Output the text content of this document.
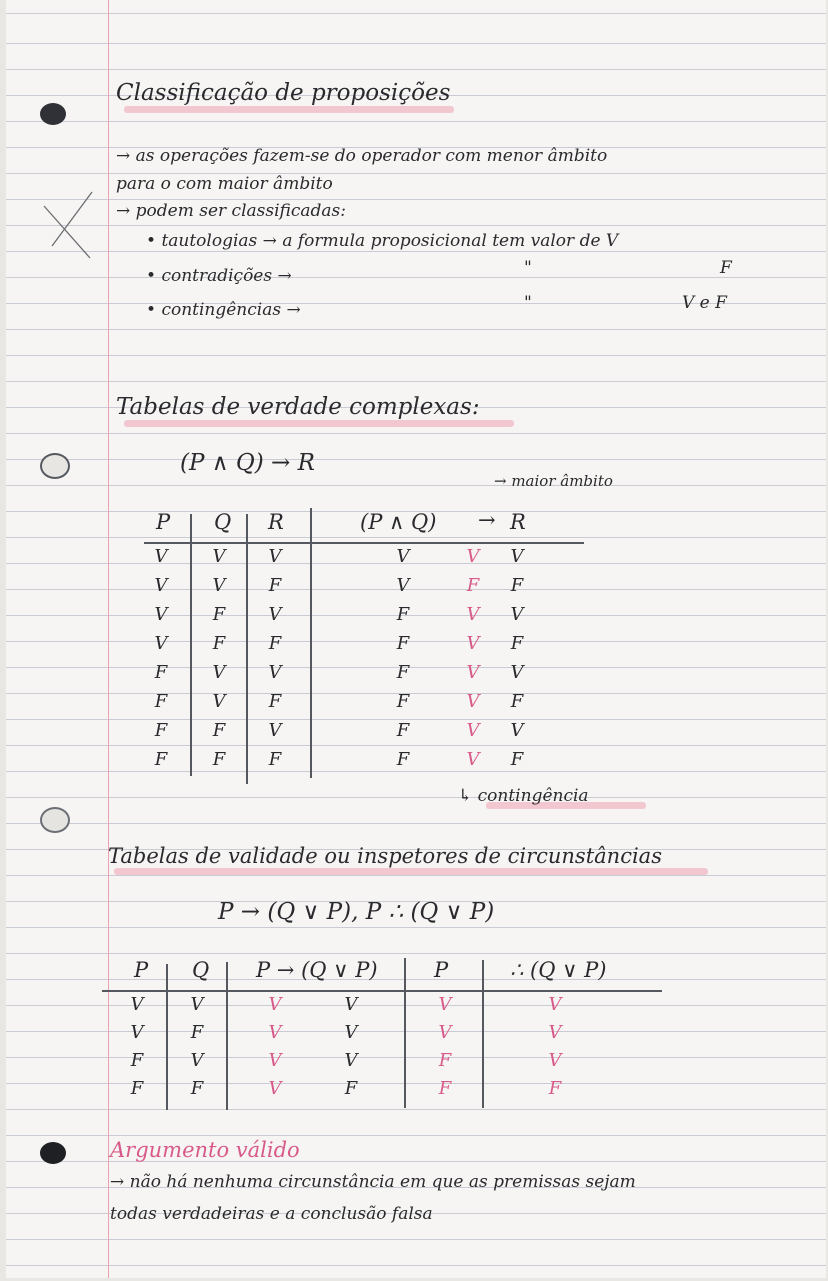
Classificação de proposições
→ as operações fazem-se do operador com menor âmbito
para o com maior âmbito
→ podem ser classificadas:
• tautologias → a formula proposicional tem valor de V
• contradições →	"	F
• contingências →	"	V e F
Tabelas de verdade complexas:
(P ∧ Q) → R
→ maior âmbito
P Q R	(P ∧ Q) → R
V	V	V	V	V	V
V	V	F	V	F	F
V	F	V	F	V	V
V	F	F	F	V	F
F	V	V	F	V	V
F	V	F	F	V	F
F	F	V	F	V	V
F	F	F	F	V	F
↳ contingência
Tabelas de validade ou inspetores de circunstâncias
P → (Q ∨ P), P ∴ (Q ∨ P)
P Q P → (Q ∨ P)	P	∴ (Q ∨ P)
V	V	V	V	V	V
V	F	V	V	V	V
F	V	V	V	F	V
F	F	V	F	F	F
Argumento válido
→ não há nenhuma circunstância em que as premissas sejam
todas verdadeiras e a conclusão falsa
